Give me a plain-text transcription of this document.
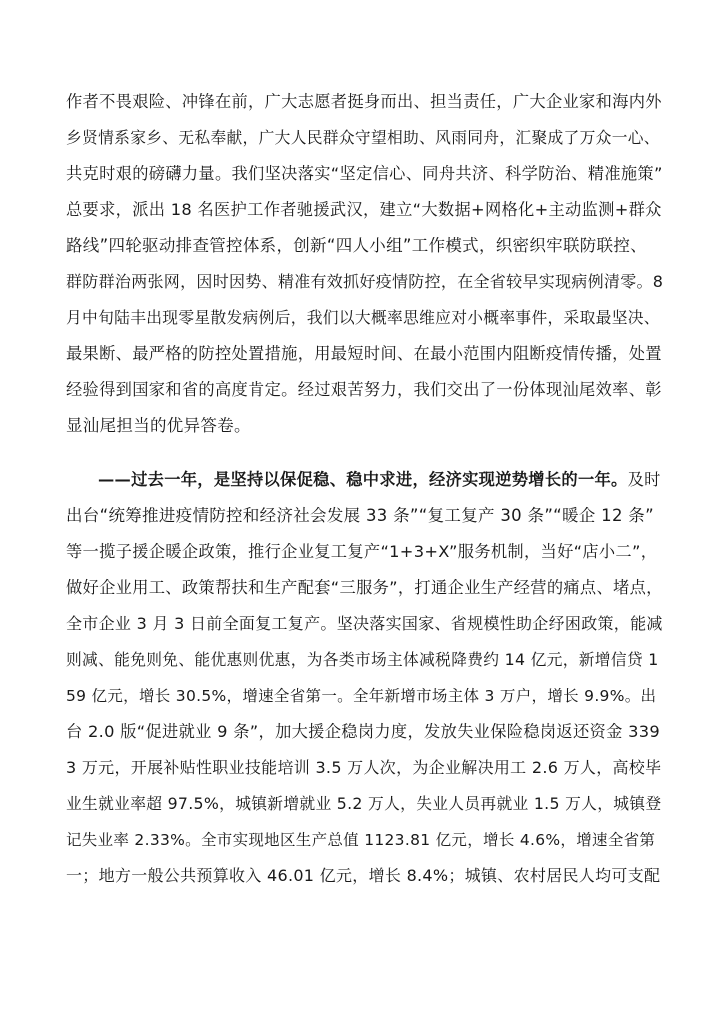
作者不畏艰险、冲锋在前，广大志愿者挺身而出、担当责任，广大企业家和海内外
乡贤情系家乡、无私奉献，广大人民群众守望相助、风雨同舟，汇聚成了万众一心、
共克时艰的磅礴力量。我们坚决落实“坚定信心、同舟共济、科学防治、精准施策”
总要求，派出 18 名医护工作者驰援武汉，建立“大数据+网格化+主动监测+群众
路线”四轮驱动排查管控体系，创新“四人小组”工作模式，织密织牢联防联控、
群防群治两张网，因时因势、精准有效抓好疫情防控，在全省较早实现病例清零。8
月中旬陆丰出现零星散发病例后，我们以大概率思维应对小概率事件，采取最坚决、
最果断、最严格的防控处置措施，用最短时间、在最小范围内阻断疫情传播，处置
经验得到国家和省的高度肯定。经过艰苦努力，我们交出了一份体现汕尾效率、彰
显汕尾担当的优异答卷。
——过去一年，是坚持以保促稳、稳中求进，经济实现逆势增长的一年。及时
出台“统筹推进疫情防控和经济社会发展 33 条”“复工复产 30 条”“暖企 12 条”
等一揽子援企暖企政策，推行企业复工复产“1+3+X”服务机制，当好“店小二”，
做好企业用工、政策帮扶和生产配套“三服务”，打通企业生产经营的痛点、堵点，
全市企业 3 月 3 日前全面复工复产。坚决落实国家、省规模性助企纾困政策，能减
则减、能免则免、能优惠则优惠，为各类市场主体减税降费约 14 亿元，新增信贷 1
59 亿元，增长 30.5%，增速全省第一。全年新增市场主体 3 万户，增长 9.9%。出
台 2.0 版“促进就业 9 条”，加大援企稳岗力度，发放失业保险稳岗返还资金 339
3 万元，开展补贴性职业技能培训 3.5 万人次，为企业解决用工 2.6 万人，高校毕
业生就业率超 97.5%，城镇新增就业 5.2 万人，失业人员再就业 1.5 万人，城镇登
记失业率 2.33%。全市实现地区生产总值 1123.81 亿元，增长 4.6%，增速全省第
一；地方一般公共预算收入 46.01 亿元，增长 8.4%；城镇、农村居民人均可支配
